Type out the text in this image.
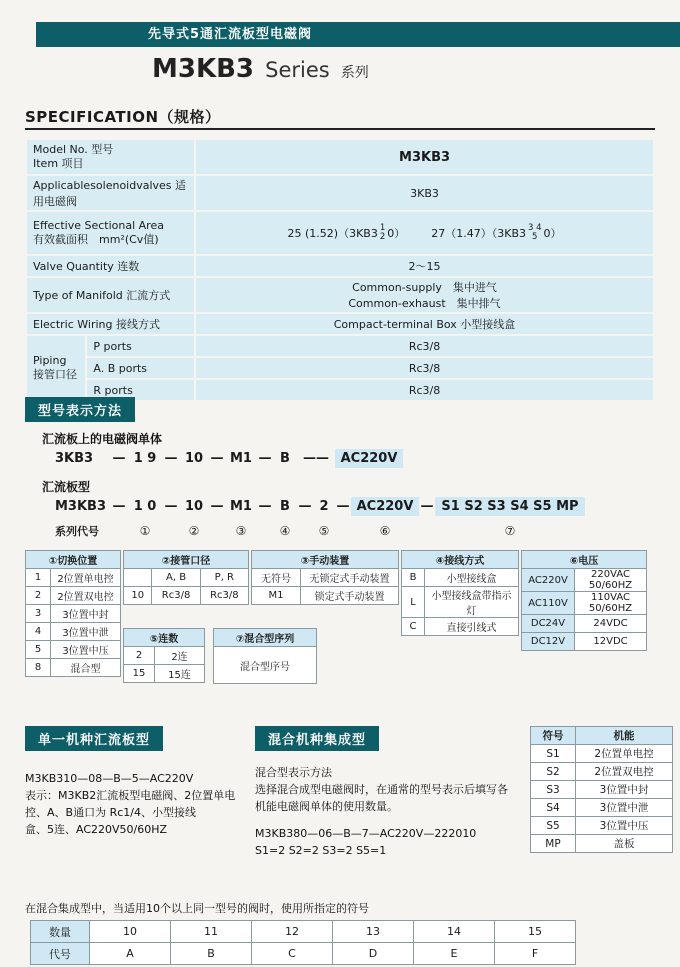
先导式5通汇流板型电磁阀
M3KB3 Series 系列
SPECIFICATION（规格）
Model No. 型号
Item 项目		M3KB3
Applicablesolenoidvalves 适用电磁阀		3KB3

Effective Sectional Area
有效截面积　mm²(Cv值)	25 (1.52)（3KB3 1
2 0） 27（1.47）（3KB3 3 4
5 0）

Valve Quantity 连数		2～15
Type of Manifold 汇流方式		Common-supply　集中进气
Common-exhaust　集中排气

Electric Wiring 接线方式		Compact-terminal Box 小型接线盒

Piping
接管口径	P ports	Rc3/8
	A. B ports	Rc3/8
	R ports	Rc3/8
型号表示方法
汇流板上的电磁阀单体
3KB3	— 1 9 — 10 — M1 — B	—— AC220V
汇流板型
M3KB3 — 1 0 — 10 — M1 — B — 2 — AC220V — S1 S2 S3 S4 S5 MP
系列代号	①	②	③	④	⑤	⑥	⑦
①切换位置	
1	2位置单电控
2	2位置双电控
3	3位置中封
4	3位置中泄
5	3位置中压
8	混合型
②接管口径		
	A, B	P, R
10	Rc3/8	Rc3/8
③手动装置	
无符号	无锁定式手动装置
M1	锁定式手动装置
④接线方式	
B	小型接线盒
L	小型接线盒带指示灯
C	直接引线式
⑥电压	
AC220V	220VAC 50/60HZ
AC110V	110VAC 50/60HZ
DC24V	24VDC
DC12V	12VDC
⑤连数	
2	2连
15	15连
⑦混合型序列
混合型序号
单一机种汇流板型	混合机种集成型
M3KB310—08—B—5—AC220V
表示：M3KB2汇流板型电磁阀、2位置单电
控、A、B通口为 Rc1/4、小型接线
盒、5连、AC220V50/60HZ
混合型表示方法
选择混合成型电磁阀时，在通常的型号表示后填写各
机能电磁阀单体的使用数量。
M3KB380—06—B—7—AC220V—222010
S1=2 S2=2 S3=2 S5=1
符号	机能
S1	2位置单电控
S2	2位置双电控
S3	3位置中封
S4	3位置中泄
S5	3位置中压
MP	盖板
在混合集成型中，当适用10个以上同一型号的阀时，使用所指定的符号
数量	10	11	12	13	14	15
代号	A	B	C	D	E	F
